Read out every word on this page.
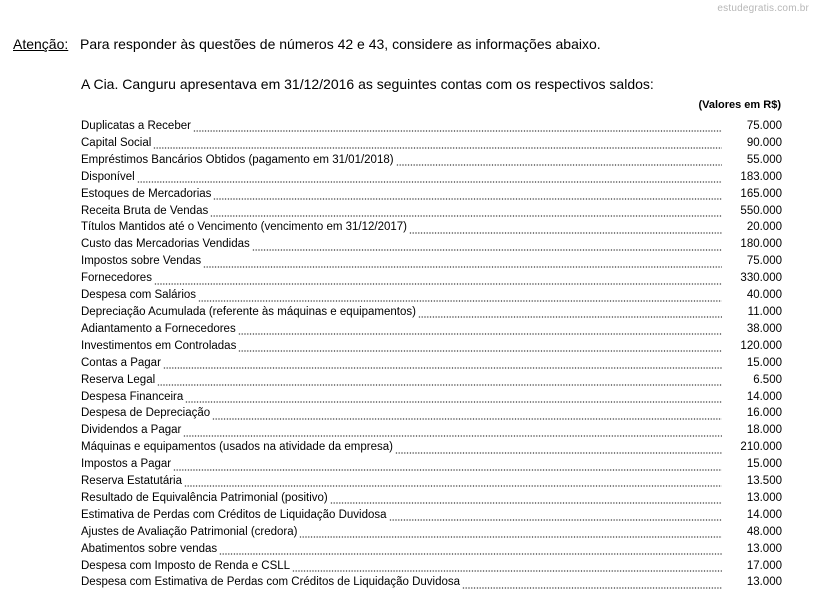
estudegratis.com.br
Atenção: Para responder às questões de números 42 e 43, considere as informações abaixo.
A Cia. Canguru apresentava em 31/12/2016 as seguintes contas com os respectivos saldos:
(Valores em R$)
Duplicatas a Receber	75.000
Capital Social	90.000
Empréstimos Bancários Obtidos (pagamento em 31/01/2018)	55.000
Disponível	183.000
Estoques de Mercadorias	165.000
Receita Bruta de Vendas	550.000
Títulos Mantidos até o Vencimento (vencimento em 31/12/2017)	20.000
Custo das Mercadorias Vendidas	180.000
Impostos sobre Vendas	75.000
Fornecedores	330.000
Despesa com Salários	40.000
Depreciação Acumulada (referente às máquinas e equipamentos)	11.000
Adiantamento a Fornecedores	38.000
Investimentos em Controladas	120.000
Contas a Pagar	15.000
Reserva Legal	6.500
Despesa Financeira	14.000
Despesa de Depreciação	16.000
Dividendos a Pagar	18.000
Máquinas e equipamentos (usados na atividade da empresa)	210.000
Impostos a Pagar	15.000
Reserva Estatutária	13.500
Resultado de Equivalência Patrimonial (positivo)	13.000
Estimativa de Perdas com Créditos de Liquidação Duvidosa	14.000
Ajustes de Avaliação Patrimonial (credora)	48.000
Abatimentos sobre vendas	13.000
Despesa com Imposto de Renda e CSLL	17.000
Despesa com Estimativa de Perdas com Créditos de Liquidação Duvidosa	13.000
